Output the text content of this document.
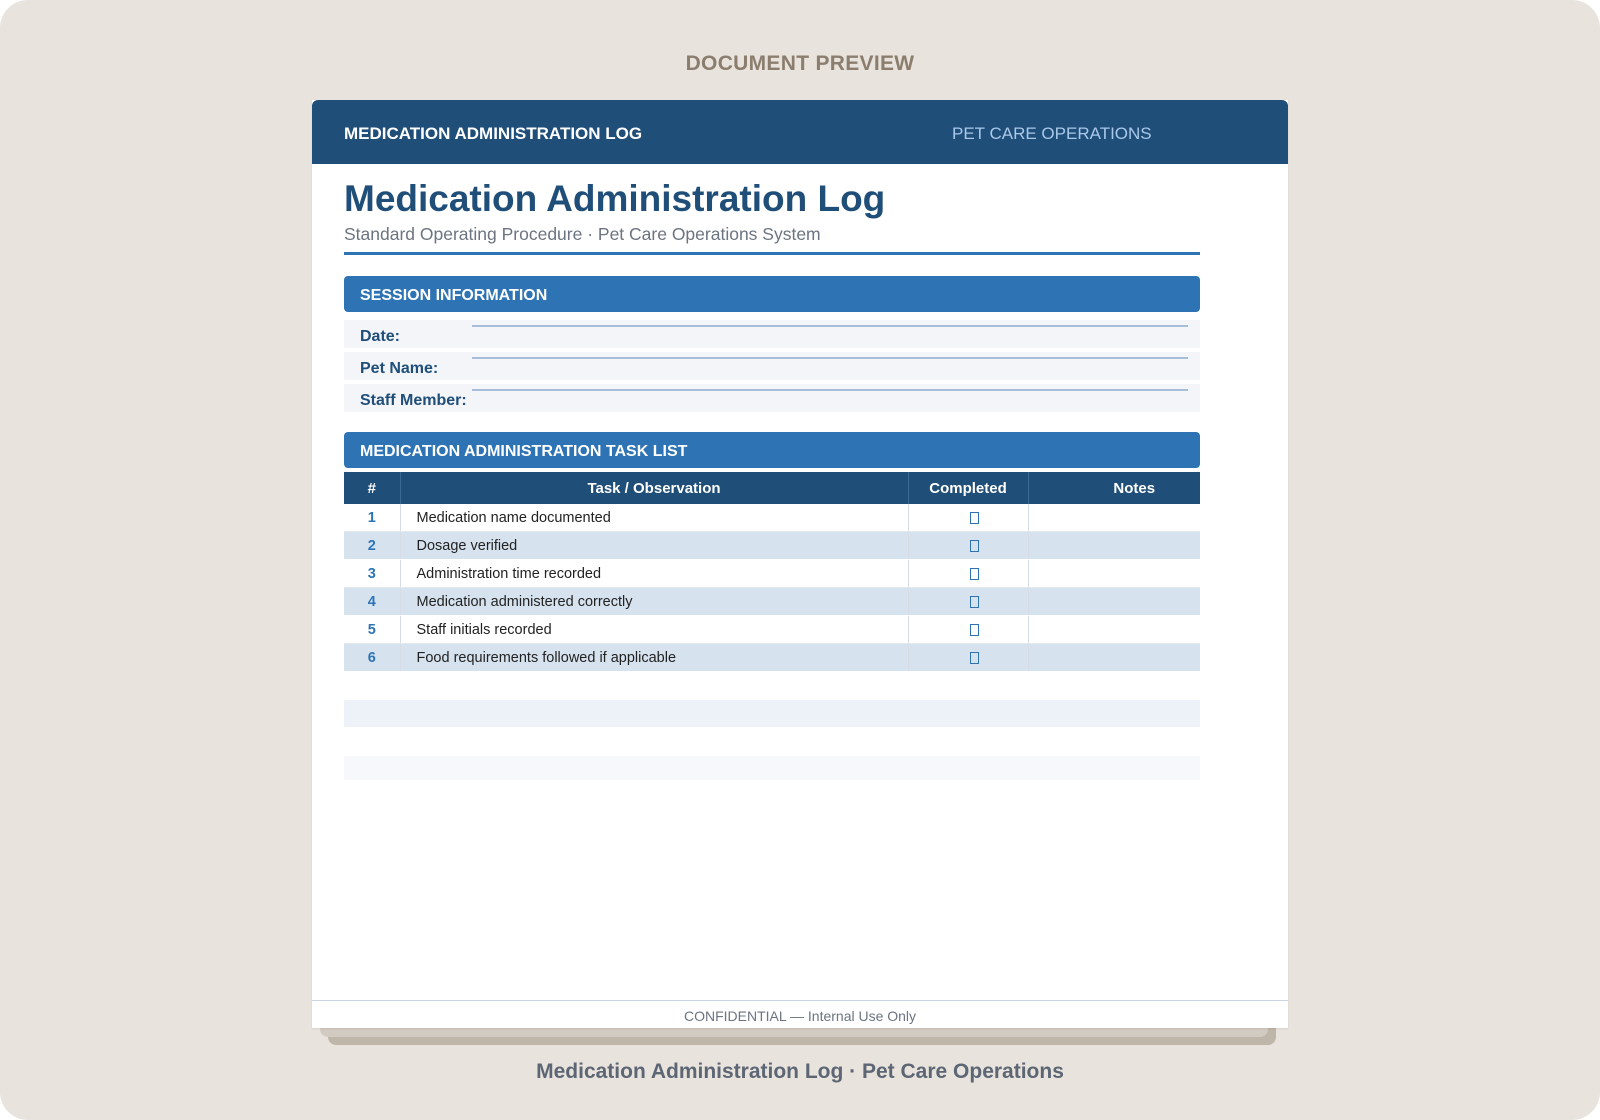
DOCUMENT PREVIEW
MEDICATION ADMINISTRATION LOG	PET CARE OPERATIONS
Medication Administration Log
Standard Operating Procedure · Pet Care Operations System
SESSION INFORMATION
Date:
Pet Name:
Staff Member:
MEDICATION ADMINISTRATION TASK LIST
#	Task / Observation	Completed	Notes
1	Medication name documented		
2	Dosage verified		
3	Administration time recorded		
4	Medication administered correctly		
5	Staff initials recorded		
6	Food requirements followed if applicable		
CONFIDENTIAL — Internal Use Only
Medication Administration Log · Pet Care Operations
